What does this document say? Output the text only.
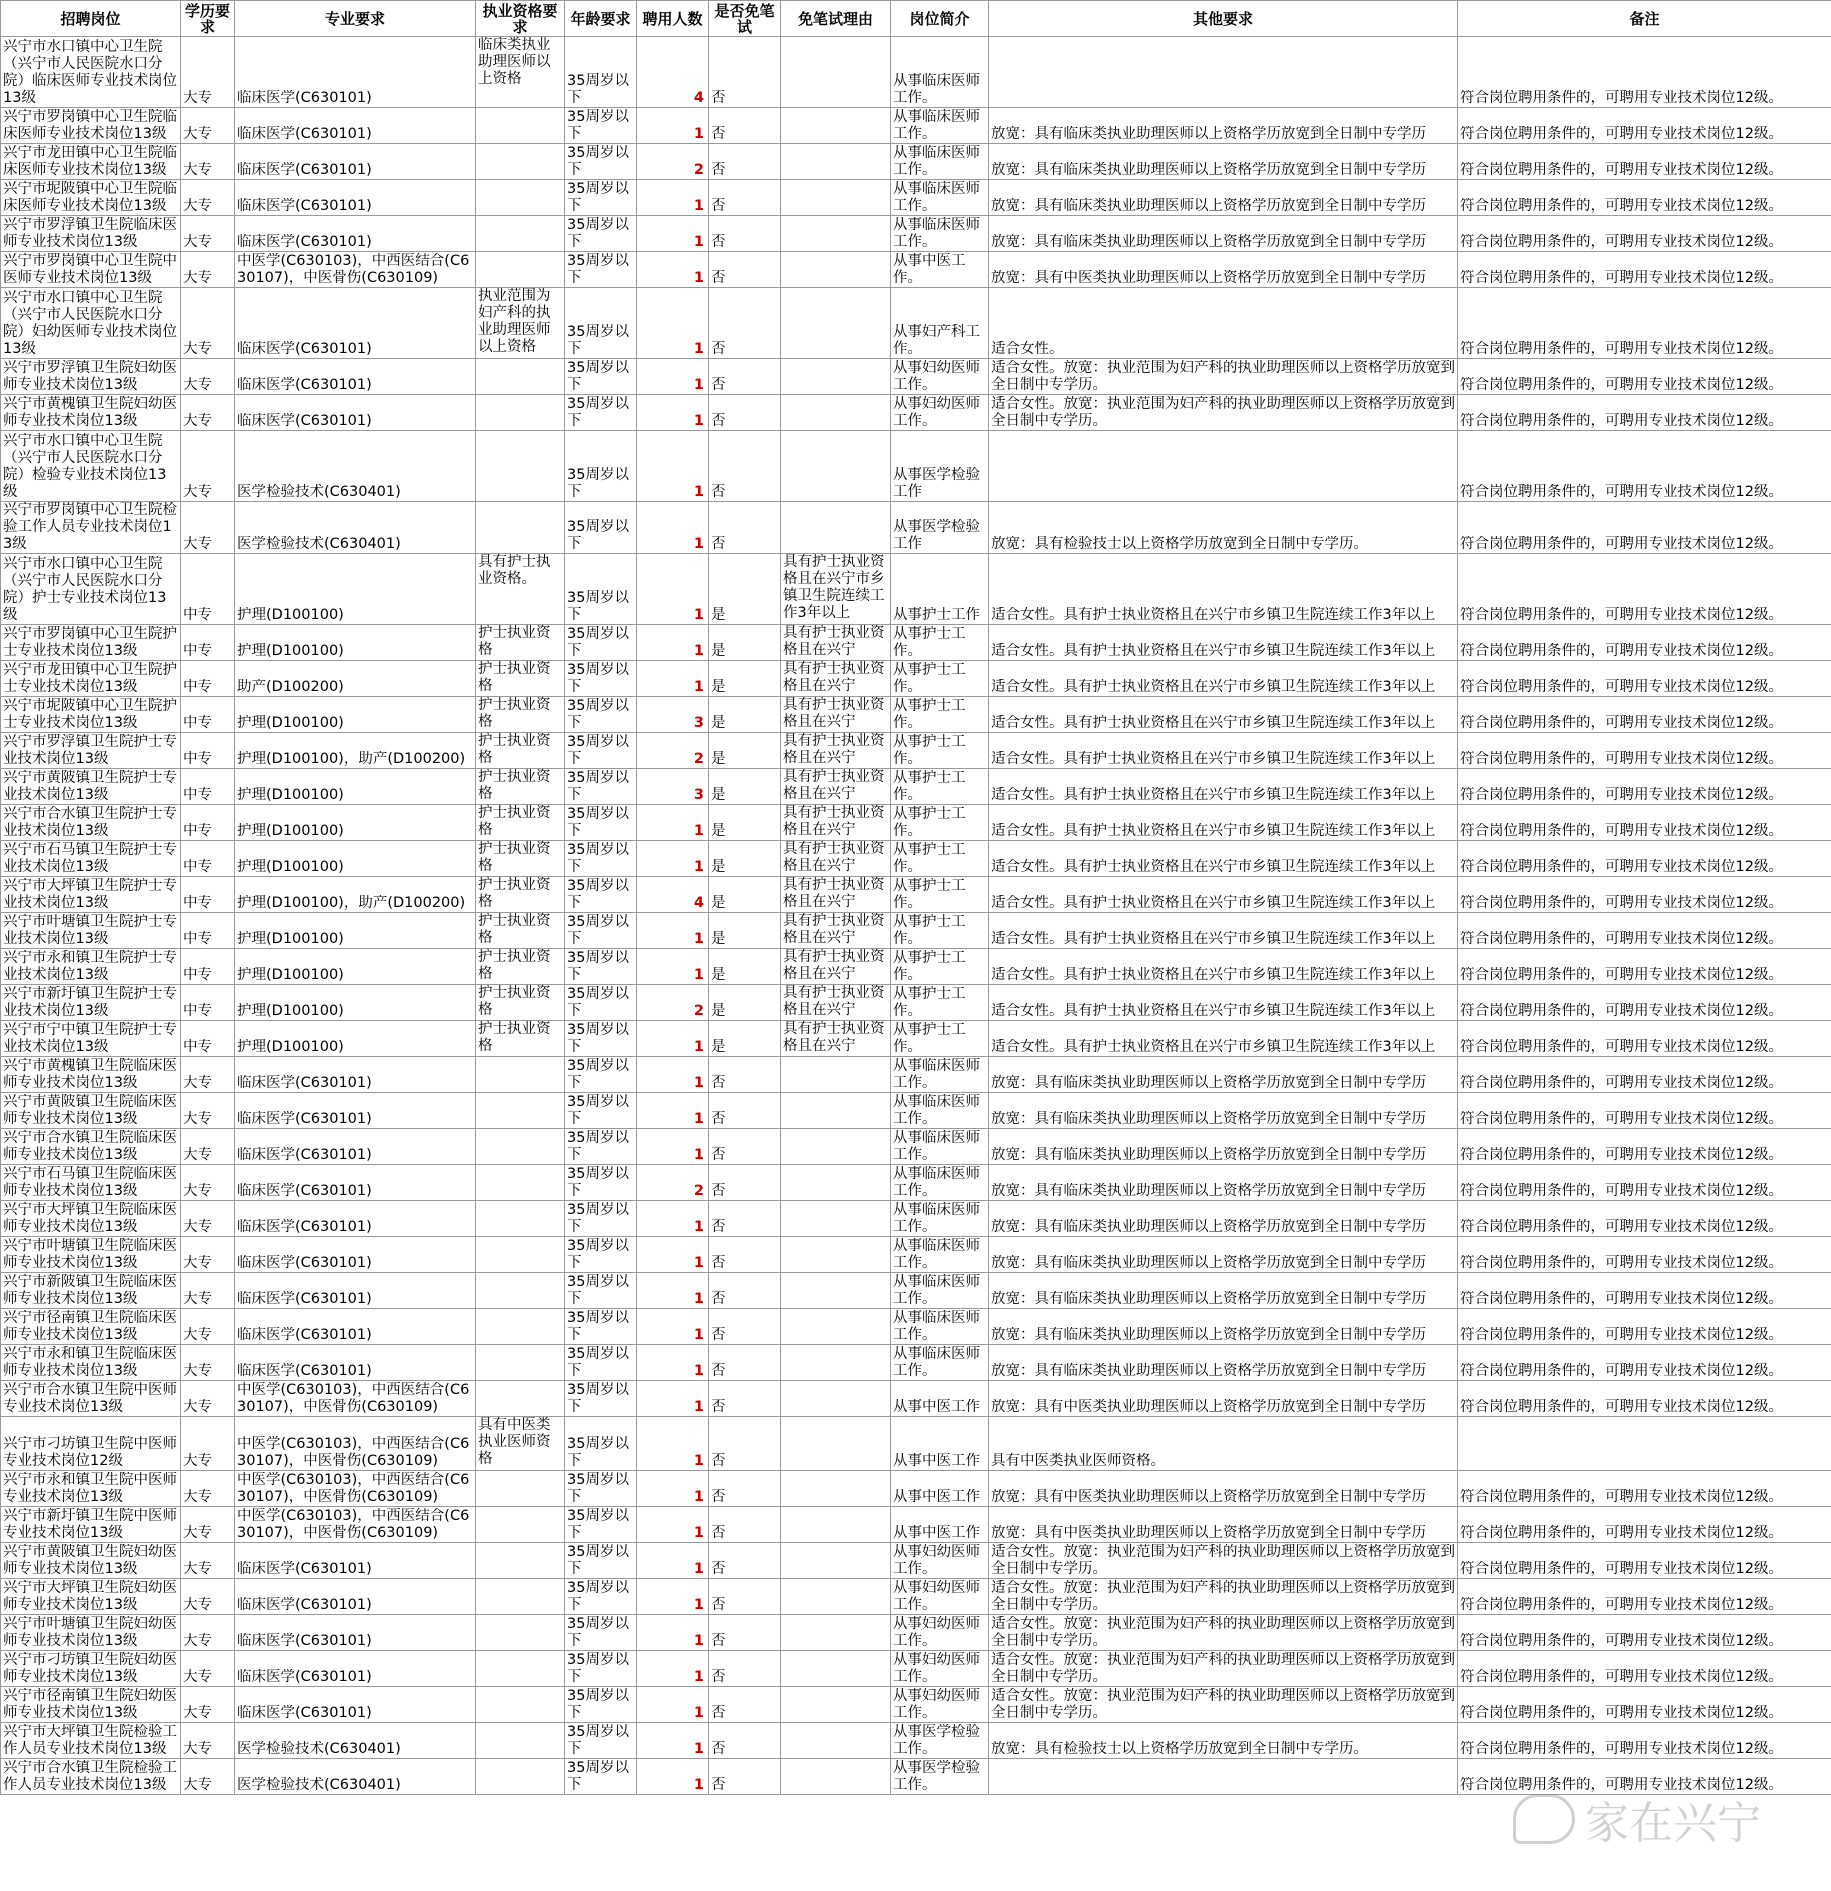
招聘岗位	学历要求	专业要求	执业资格要求	年龄要求	聘用人数	是否免笔试	免笔试理由	岗位简介	其他要求	备注

兴宁市水口镇中心卫生院（兴宁市人民医院水口分院）临床医师专业技术岗位13级	大专	临床医学(C630101)	临床类执业助理医师以上资格	35周岁以下	4	否		从事临床医师工作。		符合岗位聘用条件的，可聘用专业技术岗位12级。

兴宁市罗岗镇中心卫生院临床医师专业技术岗位13级	大专	临床医学(C630101)		35周岁以下	1	否		从事临床医师工作。	放宽：具有临床类执业助理医师以上资格学历放宽到全日制中专学历	符合岗位聘用条件的，可聘用专业技术岗位12级。

兴宁市龙田镇中心卫生院临床医师专业技术岗位13级	大专	临床医学(C630101)		35周岁以下	2	否		从事临床医师工作。	放宽：具有临床类执业助理医师以上资格学历放宽到全日制中专学历	符合岗位聘用条件的，可聘用专业技术岗位12级。

兴宁市坭陂镇中心卫生院临床医师专业技术岗位13级	大专	临床医学(C630101)		35周岁以下	1	否		从事临床医师工作。	放宽：具有临床类执业助理医师以上资格学历放宽到全日制中专学历	符合岗位聘用条件的，可聘用专业技术岗位12级。

兴宁市罗浮镇卫生院临床医师专业技术岗位13级	大专	临床医学(C630101)		35周岁以下	1	否		从事临床医师工作。	放宽：具有临床类执业助理医师以上资格学历放宽到全日制中专学历	符合岗位聘用条件的，可聘用专业技术岗位12级。

兴宁市罗岗镇中心卫生院中医师专业技术岗位13级	大专	中医学(C630103)，中西医结合(C630107)，中医骨伤(C630109)		35周岁以下	1	否		从事中医工作。	放宽：具有中医类执业助理医师以上资格学历放宽到全日制中专学历	符合岗位聘用条件的，可聘用专业技术岗位12级。

兴宁市水口镇中心卫生院（兴宁市人民医院水口分院）妇幼医师专业技术岗位13级	大专	临床医学(C630101)	执业范围为妇产科的执业助理医师以上资格	35周岁以下	1	否		从事妇产科工作。	适合女性。	符合岗位聘用条件的，可聘用专业技术岗位12级。

兴宁市罗浮镇卫生院妇幼医师专业技术岗位13级	大专	临床医学(C630101)		35周岁以下	1	否		从事妇幼医师工作。	适合女性。放宽：执业范围为妇产科的执业助理医师以上资格学历放宽到全日制中专学历。	符合岗位聘用条件的，可聘用专业技术岗位12级。

兴宁市黄槐镇卫生院妇幼医师专业技术岗位13级	大专	临床医学(C630101)		35周岁以下	1	否		从事妇幼医师工作。	适合女性。放宽：执业范围为妇产科的执业助理医师以上资格学历放宽到全日制中专学历。	符合岗位聘用条件的，可聘用专业技术岗位12级。

兴宁市水口镇中心卫生院（兴宁市人民医院水口分院）检验专业技术岗位13级	大专	医学检验技术(C630401)		35周岁以下	1	否		从事医学检验工作		符合岗位聘用条件的，可聘用专业技术岗位12级。

兴宁市罗岗镇中心卫生院检验工作人员专业技术岗位13级	大专	医学检验技术(C630401)		35周岁以下	1	否		从事医学检验工作	放宽：具有检验技士以上资格学历放宽到全日制中专学历。	符合岗位聘用条件的，可聘用专业技术岗位12级。

兴宁市水口镇中心卫生院（兴宁市人民医院水口分院）护士专业技术岗位13级	中专	护理(D100100)	具有护士执业资格。	35周岁以下	1	是	具有护士执业资格且在兴宁市乡镇卫生院连续工作3年以上	从事护士工作	适合女性。具有护士执业资格且在兴宁市乡镇卫生院连续工作3年以上	符合岗位聘用条件的，可聘用专业技术岗位12级。

兴宁市罗岗镇中心卫生院护士专业技术岗位13级	中专	护理(D100100)	护士执业资格	35周岁以下	1	是	具有护士执业资格且在兴宁	从事护士工作。	适合女性。具有护士执业资格且在兴宁市乡镇卫生院连续工作3年以上	符合岗位聘用条件的，可聘用专业技术岗位12级。

兴宁市龙田镇中心卫生院护士专业技术岗位13级	中专	助产(D100200)	护士执业资格	35周岁以下	1	是	具有护士执业资格且在兴宁	从事护士工作。	适合女性。具有护士执业资格且在兴宁市乡镇卫生院连续工作3年以上	符合岗位聘用条件的，可聘用专业技术岗位12级。

兴宁市坭陂镇中心卫生院护士专业技术岗位13级	中专	护理(D100100)	护士执业资格	35周岁以下	3	是	具有护士执业资格且在兴宁	从事护士工作。	适合女性。具有护士执业资格且在兴宁市乡镇卫生院连续工作3年以上	符合岗位聘用条件的，可聘用专业技术岗位12级。

兴宁市罗浮镇卫生院护士专业技术岗位13级	中专	护理(D100100)，助产(D100200)	护士执业资格	35周岁以下	2	是	具有护士执业资格且在兴宁	从事护士工作。	适合女性。具有护士执业资格且在兴宁市乡镇卫生院连续工作3年以上	符合岗位聘用条件的，可聘用专业技术岗位12级。

兴宁市黄陂镇卫生院护士专业技术岗位13级	中专	护理(D100100)	护士执业资格	35周岁以下	3	是	具有护士执业资格且在兴宁	从事护士工作。	适合女性。具有护士执业资格且在兴宁市乡镇卫生院连续工作3年以上	符合岗位聘用条件的，可聘用专业技术岗位12级。

兴宁市合水镇卫生院护士专业技术岗位13级	中专	护理(D100100)	护士执业资格	35周岁以下	1	是	具有护士执业资格且在兴宁	从事护士工作。	适合女性。具有护士执业资格且在兴宁市乡镇卫生院连续工作3年以上	符合岗位聘用条件的，可聘用专业技术岗位12级。

兴宁市石马镇卫生院护士专业技术岗位13级	中专	护理(D100100)	护士执业资格	35周岁以下	1	是	具有护士执业资格且在兴宁	从事护士工作。	适合女性。具有护士执业资格且在兴宁市乡镇卫生院连续工作3年以上	符合岗位聘用条件的，可聘用专业技术岗位12级。

兴宁市大坪镇卫生院护士专业技术岗位13级	中专	护理(D100100)，助产(D100200)	护士执业资格	35周岁以下	4	是	具有护士执业资格且在兴宁	从事护士工作。	适合女性。具有护士执业资格且在兴宁市乡镇卫生院连续工作3年以上	符合岗位聘用条件的，可聘用专业技术岗位12级。

兴宁市叶塘镇卫生院护士专业技术岗位13级	中专	护理(D100100)	护士执业资格	35周岁以下	1	是	具有护士执业资格且在兴宁	从事护士工作。	适合女性。具有护士执业资格且在兴宁市乡镇卫生院连续工作3年以上	符合岗位聘用条件的，可聘用专业技术岗位12级。

兴宁市永和镇卫生院护士专业技术岗位13级	中专	护理(D100100)	护士执业资格	35周岁以下	1	是	具有护士执业资格且在兴宁	从事护士工作。	适合女性。具有护士执业资格且在兴宁市乡镇卫生院连续工作3年以上	符合岗位聘用条件的，可聘用专业技术岗位12级。

兴宁市新圩镇卫生院护士专业技术岗位13级	中专	护理(D100100)	护士执业资格	35周岁以下	2	是	具有护士执业资格且在兴宁	从事护士工作。	适合女性。具有护士执业资格且在兴宁市乡镇卫生院连续工作3年以上	符合岗位聘用条件的，可聘用专业技术岗位12级。

兴宁市宁中镇卫生院护士专业技术岗位13级	中专	护理(D100100)	护士执业资格	35周岁以下	1	是	具有护士执业资格且在兴宁	从事护士工作。	适合女性。具有护士执业资格且在兴宁市乡镇卫生院连续工作3年以上	符合岗位聘用条件的，可聘用专业技术岗位12级。

兴宁市黄槐镇卫生院临床医师专业技术岗位13级	大专	临床医学(C630101)		35周岁以下	1	否		从事临床医师工作。	放宽：具有临床类执业助理医师以上资格学历放宽到全日制中专学历	符合岗位聘用条件的，可聘用专业技术岗位12级。

兴宁市黄陂镇卫生院临床医师专业技术岗位13级	大专	临床医学(C630101)		35周岁以下	1	否		从事临床医师工作。	放宽：具有临床类执业助理医师以上资格学历放宽到全日制中专学历	符合岗位聘用条件的，可聘用专业技术岗位12级。

兴宁市合水镇卫生院临床医师专业技术岗位13级	大专	临床医学(C630101)		35周岁以下	1	否		从事临床医师工作。	放宽：具有临床类执业助理医师以上资格学历放宽到全日制中专学历	符合岗位聘用条件的，可聘用专业技术岗位12级。

兴宁市石马镇卫生院临床医师专业技术岗位13级	大专	临床医学(C630101)		35周岁以下	2	否		从事临床医师工作。	放宽：具有临床类执业助理医师以上资格学历放宽到全日制中专学历	符合岗位聘用条件的，可聘用专业技术岗位12级。

兴宁市大坪镇卫生院临床医师专业技术岗位13级	大专	临床医学(C630101)		35周岁以下	1	否		从事临床医师工作。	放宽：具有临床类执业助理医师以上资格学历放宽到全日制中专学历	符合岗位聘用条件的，可聘用专业技术岗位12级。

兴宁市叶塘镇卫生院临床医师专业技术岗位13级	大专	临床医学(C630101)		35周岁以下	1	否		从事临床医师工作。	放宽：具有临床类执业助理医师以上资格学历放宽到全日制中专学历	符合岗位聘用条件的，可聘用专业技术岗位12级。

兴宁市新陂镇卫生院临床医师专业技术岗位13级	大专	临床医学(C630101)		35周岁以下	1	否		从事临床医师工作。	放宽：具有临床类执业助理医师以上资格学历放宽到全日制中专学历	符合岗位聘用条件的，可聘用专业技术岗位12级。

兴宁市径南镇卫生院临床医师专业技术岗位13级	大专	临床医学(C630101)		35周岁以下	1	否		从事临床医师工作。	放宽：具有临床类执业助理医师以上资格学历放宽到全日制中专学历	符合岗位聘用条件的，可聘用专业技术岗位12级。

兴宁市永和镇卫生院临床医师专业技术岗位13级	大专	临床医学(C630101)		35周岁以下	1	否		从事临床医师工作。	放宽：具有临床类执业助理医师以上资格学历放宽到全日制中专学历	符合岗位聘用条件的，可聘用专业技术岗位12级。

兴宁市合水镇卫生院中医师专业技术岗位13级	大专	中医学(C630103)，中西医结合(C630107)，中医骨伤(C630109)		35周岁以下	1	否		从事中医工作	放宽：具有中医类执业助理医师以上资格学历放宽到全日制中专学历	符合岗位聘用条件的，可聘用专业技术岗位12级。

兴宁市刁坊镇卫生院中医师专业技术岗位12级	大专	中医学(C630103)，中西医结合(C630107)，中医骨伤(C630109)	具有中医类执业医师资格	35周岁以下	1	否		从事中医工作	具有中医类执业医师资格。	

兴宁市永和镇卫生院中医师专业技术岗位13级	大专	中医学(C630103)，中西医结合(C630107)，中医骨伤(C630109)		35周岁以下	1	否		从事中医工作	放宽：具有中医类执业助理医师以上资格学历放宽到全日制中专学历	符合岗位聘用条件的，可聘用专业技术岗位12级。

兴宁市新圩镇卫生院中医师专业技术岗位13级	大专	中医学(C630103)，中西医结合(C630107)，中医骨伤(C630109)		35周岁以下	1	否		从事中医工作	放宽：具有中医类执业助理医师以上资格学历放宽到全日制中专学历	符合岗位聘用条件的，可聘用专业技术岗位12级。

兴宁市黄陂镇卫生院妇幼医师专业技术岗位13级	大专	临床医学(C630101)		35周岁以下	1	否		从事妇幼医师工作。	适合女性。放宽：执业范围为妇产科的执业助理医师以上资格学历放宽到全日制中专学历。	符合岗位聘用条件的，可聘用专业技术岗位12级。

兴宁市大坪镇卫生院妇幼医师专业技术岗位13级	大专	临床医学(C630101)		35周岁以下	1	否		从事妇幼医师工作。	适合女性。放宽：执业范围为妇产科的执业助理医师以上资格学历放宽到全日制中专学历。	符合岗位聘用条件的，可聘用专业技术岗位12级。

兴宁市叶塘镇卫生院妇幼医师专业技术岗位13级	大专	临床医学(C630101)		35周岁以下	1	否		从事妇幼医师工作。	适合女性。放宽：执业范围为妇产科的执业助理医师以上资格学历放宽到全日制中专学历。	符合岗位聘用条件的，可聘用专业技术岗位12级。

兴宁市刁坊镇卫生院妇幼医师专业技术岗位13级	大专	临床医学(C630101)		35周岁以下	1	否		从事妇幼医师工作。	适合女性。放宽：执业范围为妇产科的执业助理医师以上资格学历放宽到全日制中专学历。	符合岗位聘用条件的，可聘用专业技术岗位12级。

兴宁市径南镇卫生院妇幼医师专业技术岗位13级	大专	临床医学(C630101)		35周岁以下	1	否		从事妇幼医师工作。	适合女性。放宽：执业范围为妇产科的执业助理医师以上资格学历放宽到全日制中专学历。	符合岗位聘用条件的，可聘用专业技术岗位12级。

兴宁市大坪镇卫生院检验工作人员专业技术岗位13级	大专	医学检验技术(C630401)		35周岁以下	1	否		从事医学检验工作。	放宽：具有检验技士以上资格学历放宽到全日制中专学历。	符合岗位聘用条件的，可聘用专业技术岗位12级。

兴宁市合水镇卫生院检验工作人员专业技术岗位13级	大专	医学检验技术(C630401)		35周岁以下	1	否		从事医学检验工作。		符合岗位聘用条件的，可聘用专业技术岗位12级。
家在兴宁
